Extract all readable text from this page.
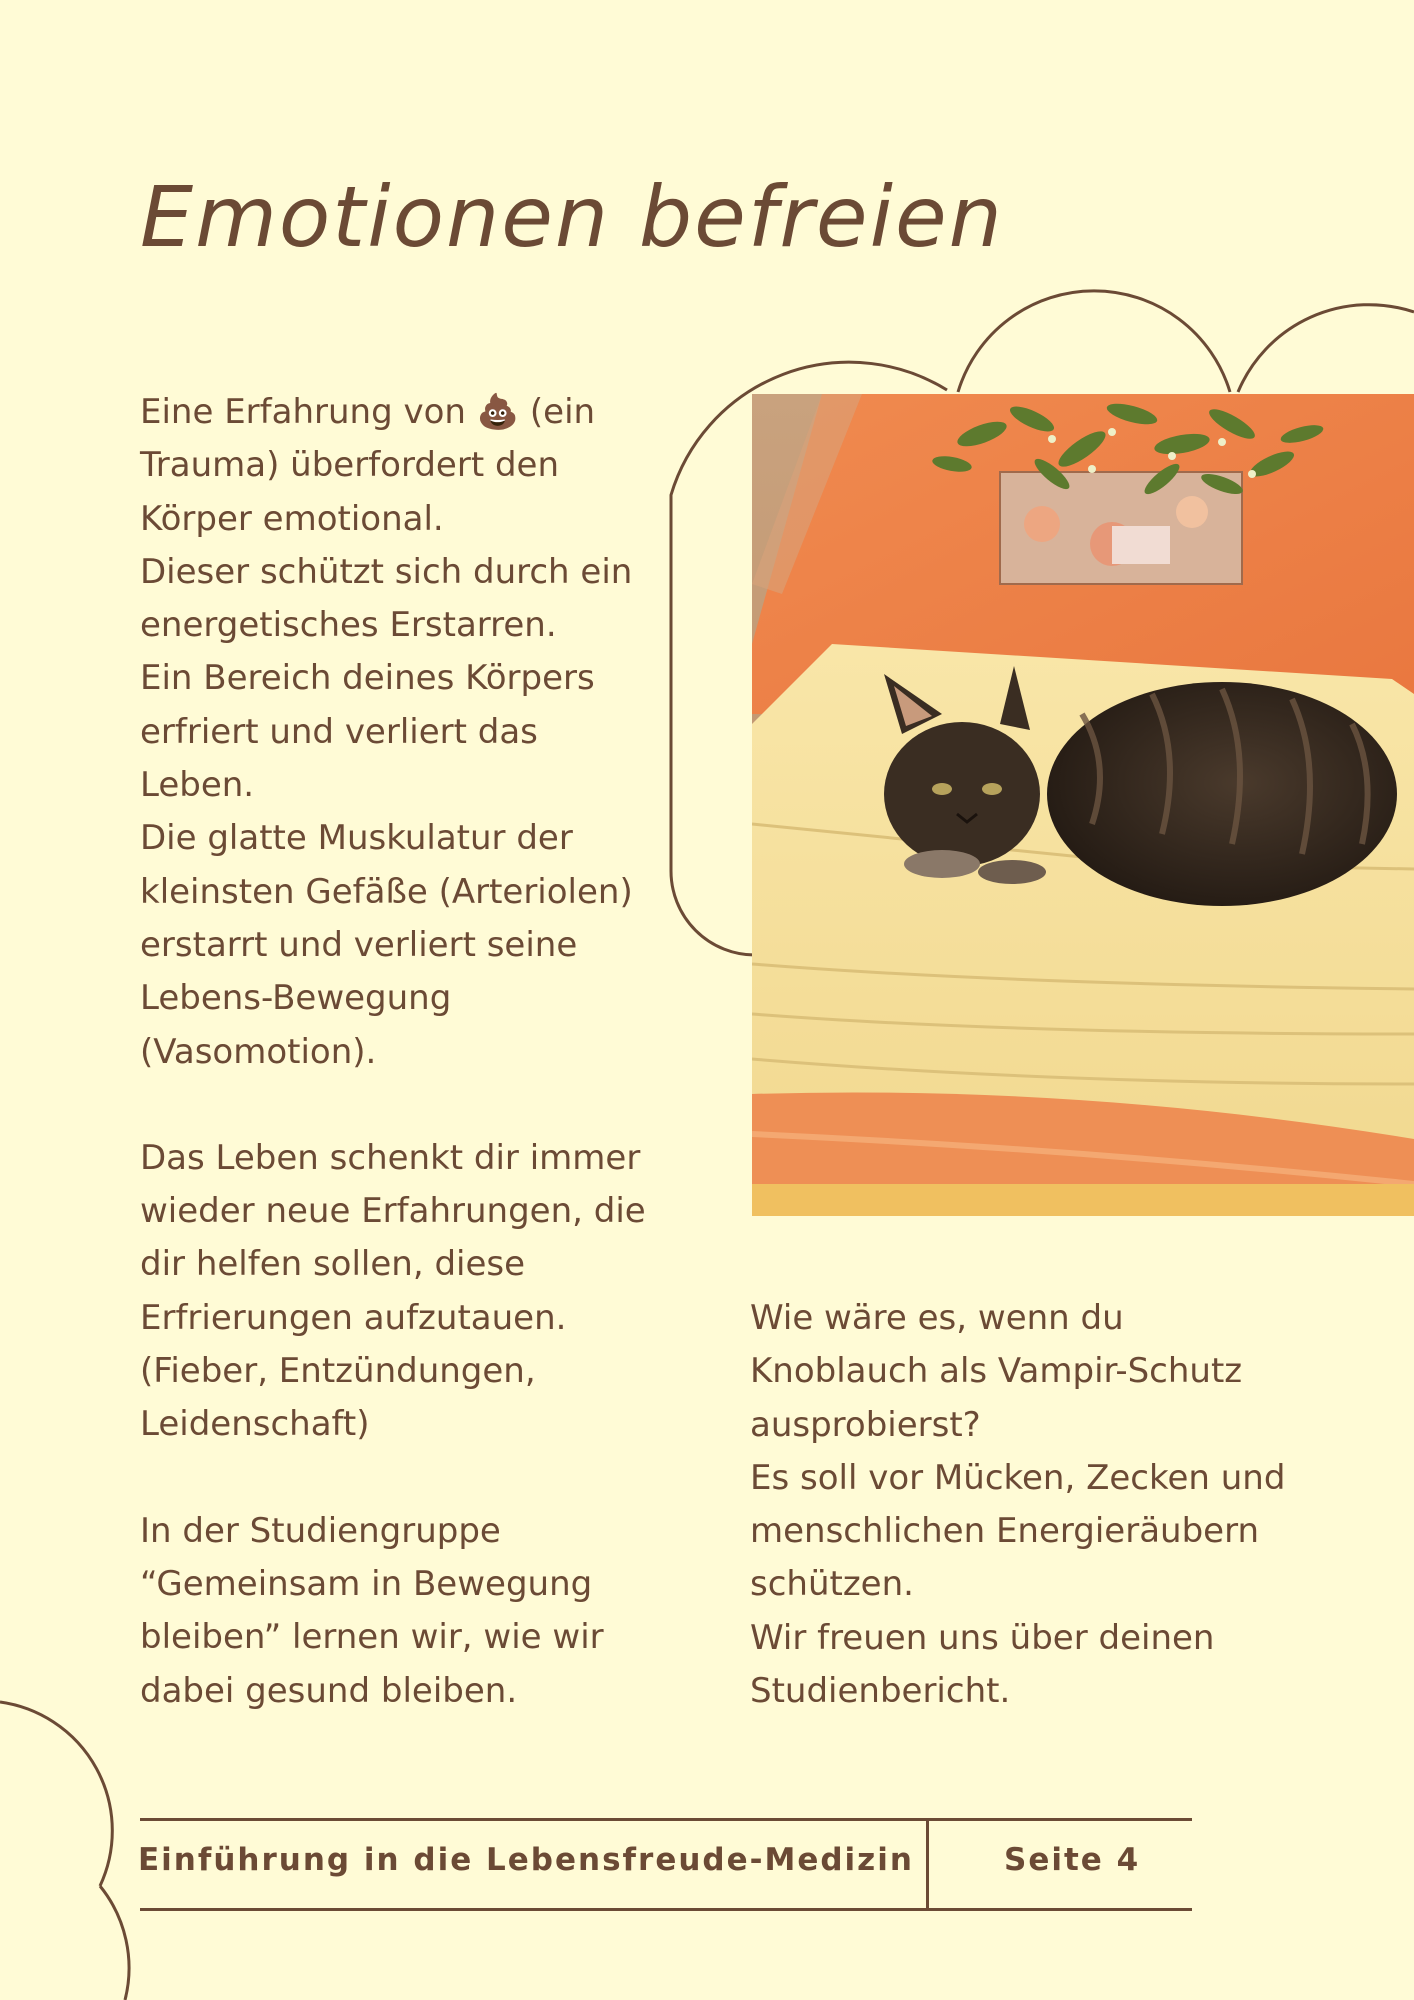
Emotionen befreien

Eine Erfahrung von 💩 (ein
Trauma) überfordert den
Körper emotional.
Dieser schützt sich durch ein
energetisches Erstarren.
Ein Bereich deines Körpers
erfriert und verliert das
Leben.
Die glatte Muskulatur der
kleinsten Gefäße (Arteriolen)
erstarrt und verliert seine
Lebens-Bewegung
(Vasomotion).

Das Leben schenkt dir immer
wieder neue Erfahrungen, die
dir helfen sollen, diese
Erfrierungen aufzutauen.
(Fieber, Entzündungen,
Leidenschaft)

In der Studiengruppe
“Gemeinsam in Bewegung
bleiben” lernen wir, wie wir
dabei gesund bleiben.

Wie wäre es, wenn du
Knoblauch als Vampir-Schutz
ausprobierst?
Es soll vor Mücken, Zecken und
menschlichen Energieräubern
schützen.
Wir freuen uns über deinen
Studienbericht.

Einführung in die Lebensfreude-Medizin	Seite 4
